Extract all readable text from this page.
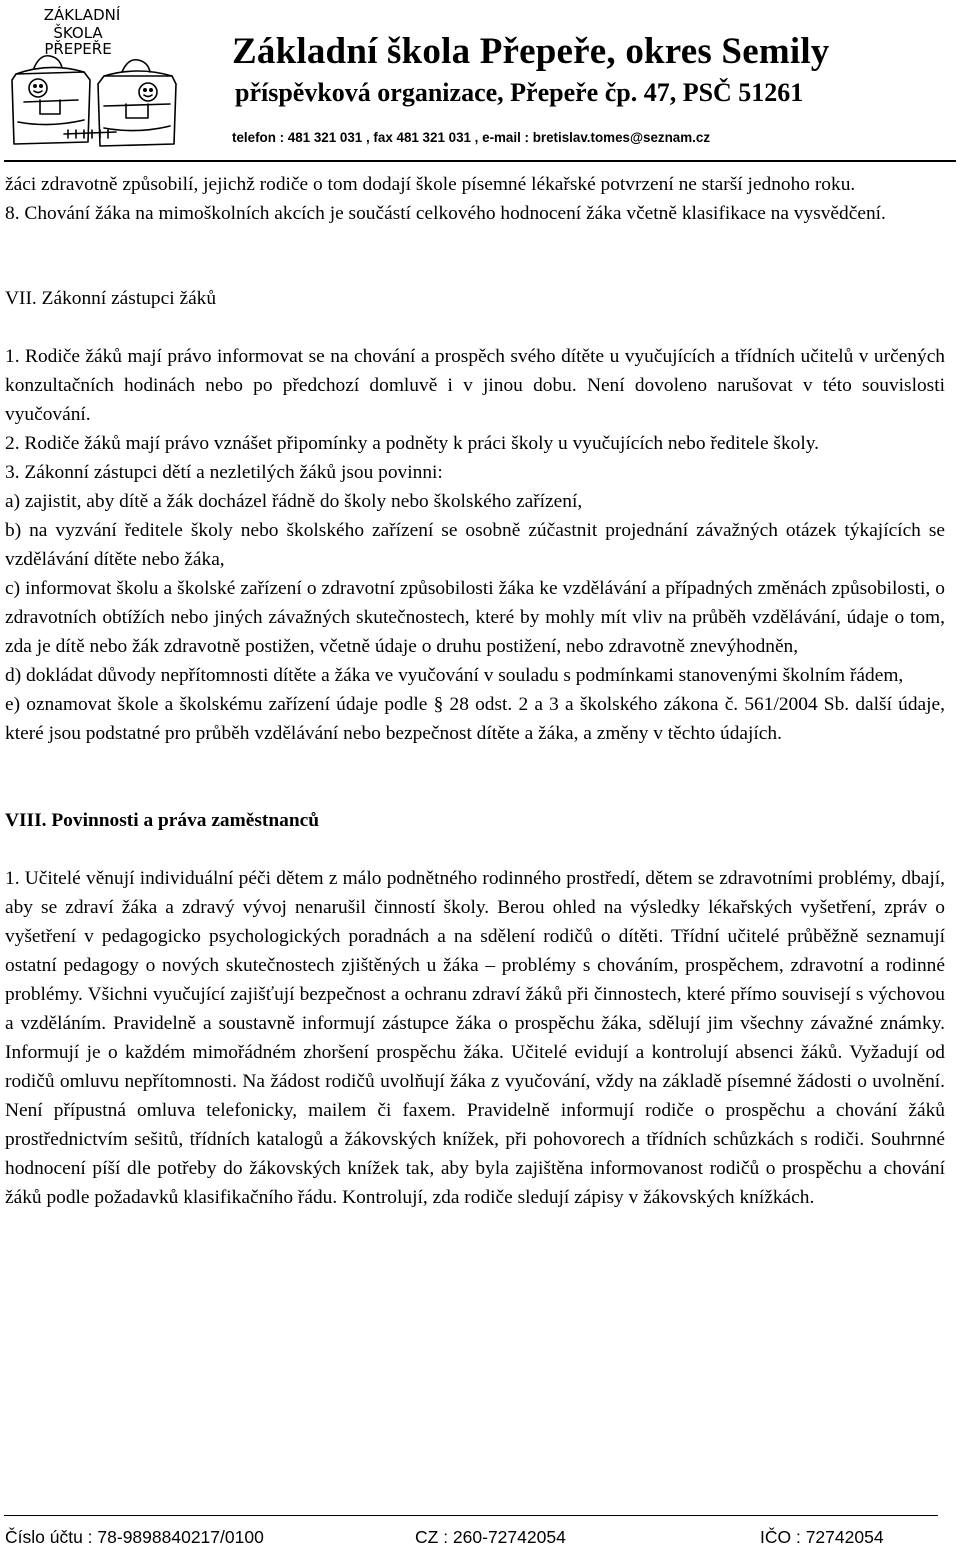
ZÁKLADNÍ
ŠKOLA
PŘEPEŘE	Základní škola Přepeře, okres Semily
příspěvková organizace, Přepeře čp. 47, PSČ 51261
telefon : 481 321 031 , fax 481 321 031 , e-mail : bretislav.tomes@seznam.cz

žáci zdravotně způsobilí, jejichž rodiče o tom dodají škole písemné lékařské potvrzení ne starší jednoho roku.

8. Chování žáka na mimoškolních akcích je součástí celkového hodnocení žáka včetně klasifikace na vysvědčení.

VII. Zákonní zástupci žáků

1. Rodiče žáků mají právo informovat se na chování a prospěch svého dítěte u vyučujících a třídních učitelů v určených konzultačních hodinách nebo po předchozí domluvě i v jinou dobu. Není dovoleno narušovat v této souvislosti vyučování.

2. Rodiče žáků mají právo vznášet připomínky a podněty k práci školy u vyučujících nebo ředitele školy.

3. Zákonní zástupci dětí a nezletilých žáků jsou povinni:

a) zajistit, aby dítě a žák docházel řádně do školy nebo školského zařízení,

b) na vyzvání ředitele školy nebo školského zařízení se osobně zúčastnit projednání závažných otázek týkajících se vzdělávání dítěte nebo žáka,

c) informovat školu a školské zařízení o zdravotní způsobilosti žáka ke vzdělávání a případných změnách způsobilosti, o zdravotních obtížích nebo jiných závažných skutečnostech, které by mohly mít vliv na průběh vzdělávání, údaje o tom, zda je dítě nebo žák zdravotně postižen, včetně údaje o druhu postižení, nebo zdravotně znevýhodněn,

d) dokládat důvody nepřítomnosti dítěte a žáka ve vyučování v souladu s podmínkami stanovenými školním řádem,

e) oznamovat škole a školskému zařízení údaje podle § 28 odst. 2 a 3 a školského zákona č. 561/2004 Sb. další údaje, které jsou podstatné pro průběh vzdělávání nebo bezpečnost dítěte a žáka, a změny v těchto údajích.

VIII. Povinnosti a práva zaměstnanců

1. Učitelé věnují individuální péči dětem z málo podnětného rodinného prostředí, dětem se zdravotními problémy, dbají, aby se zdraví žáka a zdravý vývoj nenarušil činností školy. Berou ohled na výsledky lékařských vyšetření, zpráv o vyšetření v pedagogicko psychologických poradnách a na sdělení rodičů o dítěti. Třídní učitelé průběžně seznamují ostatní pedagogy o nových skutečnostech zjištěných u žáka – problémy s chováním, prospěchem, zdravotní a rodinné problémy. Všichni vyučující zajišťují bezpečnost a ochranu zdraví žáků při činnostech, které přímo souvisejí s výchovou a vzděláním. Pravidelně a soustavně informují zástupce žáka o prospěchu žáka, sdělují jim všechny závažné známky. Informují je o každém mimořádném zhoršení prospěchu žáka. Učitelé evidují a kontrolují absenci žáků. Vyžadují od rodičů omluvu nepřítomnosti. Na žádost rodičů uvolňují žáka z vyučování, vždy na základě písemné žádosti o uvolnění. Není přípustná omluva telefonicky, mailem či faxem. Pravidelně informují rodiče o prospěchu a chování žáků prostřednictvím sešitů, třídních katalogů a žákovských knížek, při pohovorech a třídních schůzkách s rodiči. Souhrnné hodnocení píší dle potřeby do žákovských knížek tak, aby byla zajištěna informovanost rodičů o prospěchu a chování žáků podle požadavků klasifikačního řádu. Kontrolují, zda rodiče sledují zápisy v žákovských knížkách.

Číslo účtu : 78-9898840217/0100	CZ : 260-72742054	IČO : 72742054
